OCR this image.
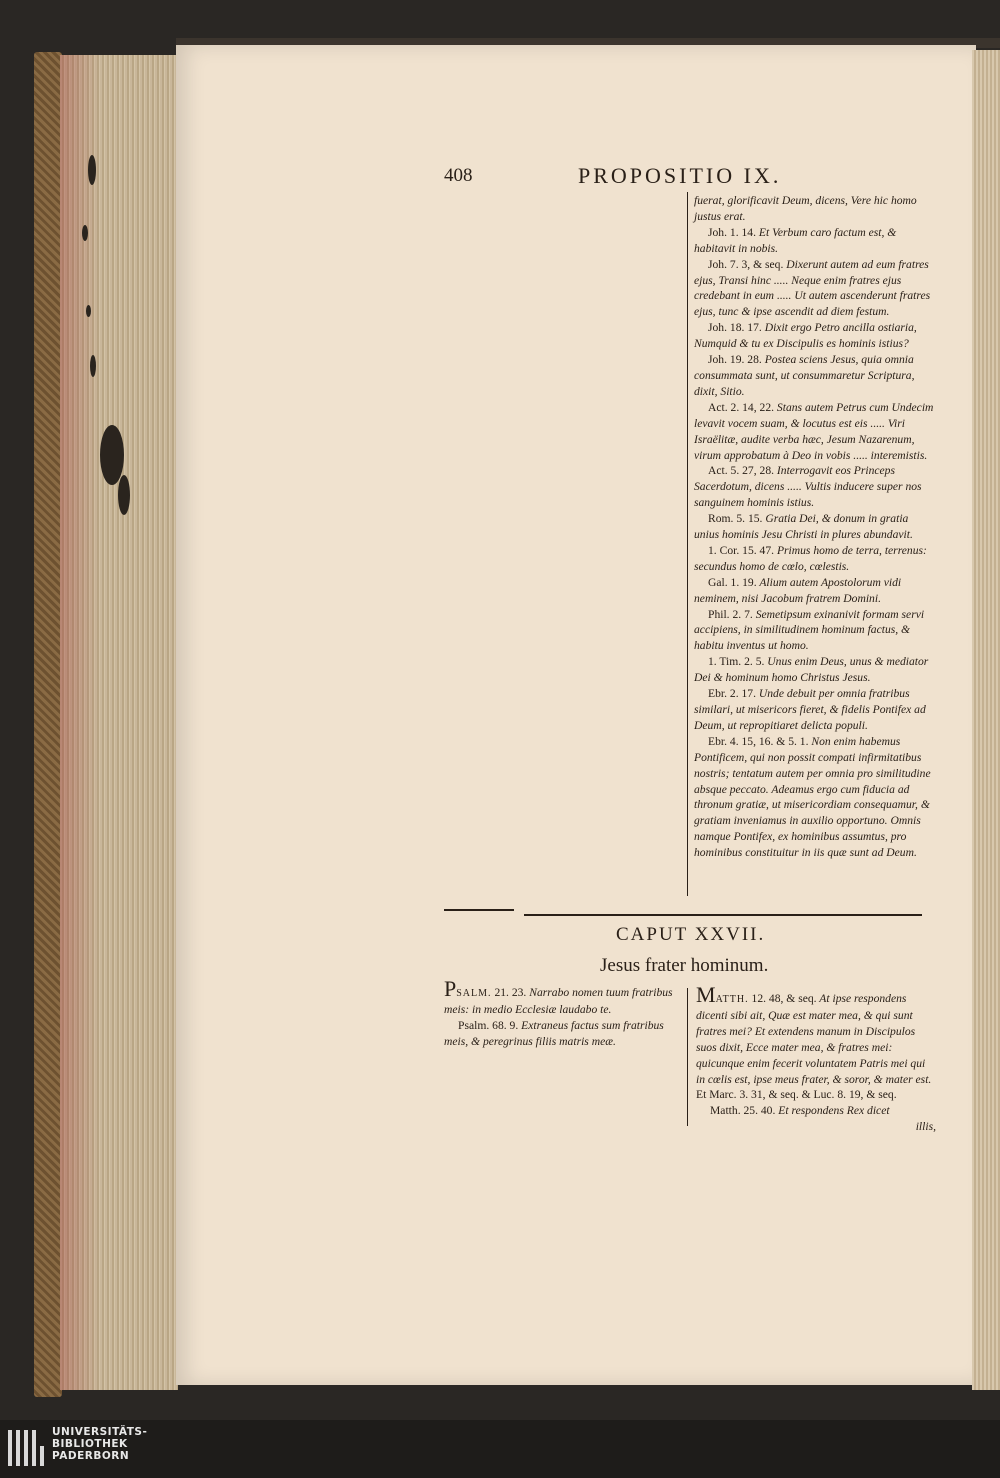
408	PROPOSITIO IX.

fuerat, glorificavit Deum, dicens, Vere hic homo justus erat.

Joh. 1. 14. Et Verbum caro factum est, & habitavit in nobis.

Joh. 7. 3, & seq. Dixerunt autem ad eum fratres ejus, Transi hinc ..... Neque enim fratres ejus credebant in eum ..... Ut autem ascenderunt fratres ejus, tunc & ipse ascendit ad diem festum.

Joh. 18. 17. Dixit ergo Petro ancilla ostiaria, Numquid & tu ex Discipulis es hominis istius?

Joh. 19. 28. Postea sciens Jesus, quia omnia consummata sunt, ut consummaretur Scriptura, dixit, Sitio.

Act. 2. 14, 22. Stans autem Petrus cum Undecim levavit vocem suam, & locutus est eis ..... Viri Israëlitæ, audite verba hæc, Jesum Nazarenum, virum approbatum à Deo in vobis ..... interemistis.

Act. 5. 27, 28. Interrogavit eos Princeps Sacerdotum, dicens ..... Vultis inducere super nos sanguinem hominis istius.

Rom. 5. 15. Gratia Dei, & donum in gratia unius hominis Jesu Christi in plures abundavit.

1. Cor. 15. 47. Primus homo de terra, terrenus: secundus homo de cœlo, cœlestis.

Gal. 1. 19. Alium autem Apostolorum vidi neminem, nisi Jacobum fratrem Domini.

Phil. 2. 7. Semetipsum exinanivit formam servi accipiens, in similitudinem hominum factus, & habitu inventus ut homo.

1. Tim. 2. 5. Unus enim Deus, unus & mediator Dei & hominum homo Christus Jesus.

Ebr. 2. 17. Unde debuit per omnia fratribus similari, ut misericors fieret, & fidelis Pontifex ad Deum, ut repropitiaret delicta populi.

Ebr. 4. 15, 16. & 5. 1. Non enim habemus Pontificem, qui non possit compati infirmitatibus nostris; tentatum autem per omnia pro similitudine absque peccato. Adeamus ergo cum fiducia ad thronum gratiæ, ut misericordiam consequamur, & gratiam inveniamus in auxilio opportuno. Omnis namque Pontifex, ex hominibus assumtus, pro hominibus constituitur in iis quæ sunt ad Deum.

CAPUT XXVII.
Jesus frater hominum.

PSALM. 21. 23. Narrabo nomen tuum fratribus meis: in medio Ecclesiæ laudabo te.

Psalm. 68. 9. Extraneus factus sum fratribus meis, & peregrinus filiis matris meæ.

MATTH. 12. 48, & seq. At ipse respondens dicenti sibi ait, Quæ est mater mea, & qui sunt fratres mei? Et extendens manum in Discipulos suos dixit, Ecce mater mea, & fratres mei: quicunque enim fecerit voluntatem Patris mei qui in cœlis est, ipse meus frater, & soror, & mater est. Et Marc. 3. 31, & seq. & Luc. 8. 19, & seq.

Matth. 25. 40. Et respondens Rex dicet

illis,

UNIVERSITÄTS-
BIBLIOTHEK
PADERBORN
